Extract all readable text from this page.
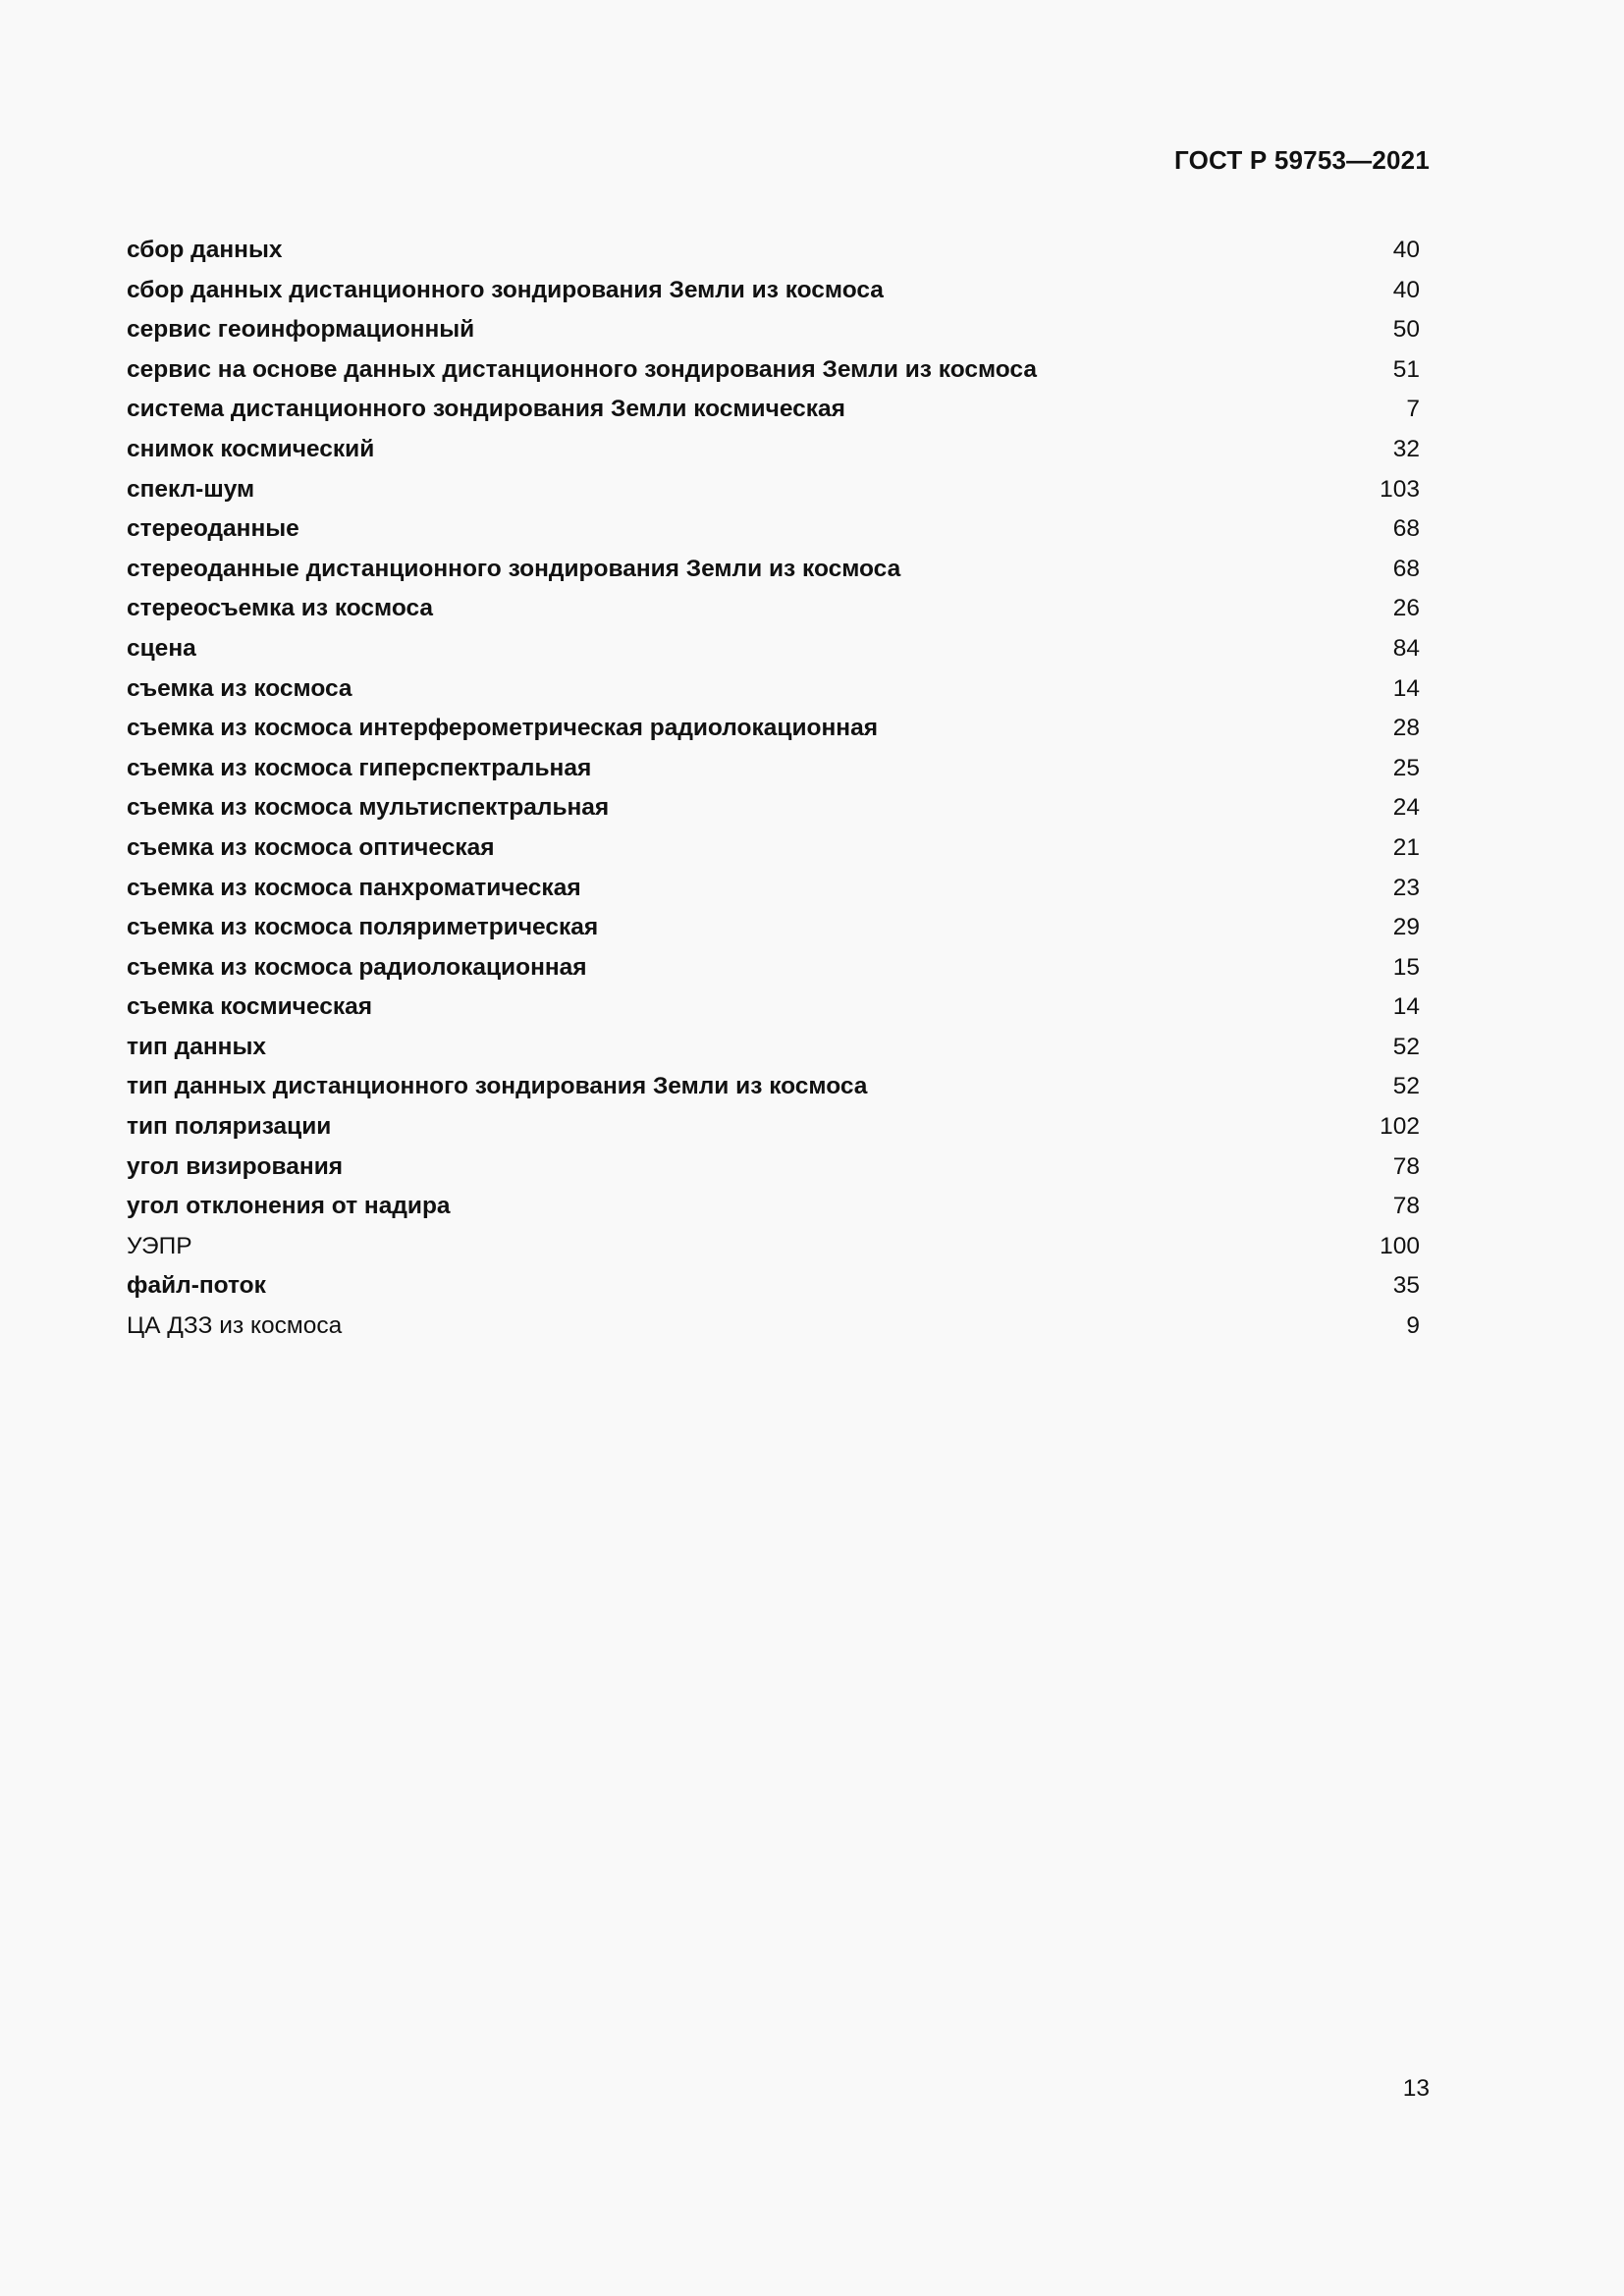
ГОСТ Р 59753—2021
сбор данных	40
сбор данных дистанционного зондирования Земли из космоса	40
сервис геоинформационный	50
сервис на основе данных дистанционного зондирования Земли из космоса	51
система дистанционного зондирования Земли космическая	7
снимок космический	32
спекл-шум	103
стереоданные	68
стереоданные дистанционного зондирования Земли из космоса	68
стереосъемка из космоса	26
сцена	84
съемка из космоса	14
съемка из космоса интерферометрическая радиолокационная	28
съемка из космоса гиперспектральная	25
съемка из космоса мультиспектральная	24
съемка из космоса оптическая	21
съемка из космоса панхроматическая	23
съемка из космоса поляриметрическая	29
съемка из космоса радиолокационная	15
съемка космическая	14
тип данных	52
тип данных дистанционного зондирования Земли из космоса	52
тип поляризации	102
угол визирования	78
угол отклонения от надира	78
УЭПР	100
файл-поток	35
ЦА ДЗЗ из космоса	9
13
